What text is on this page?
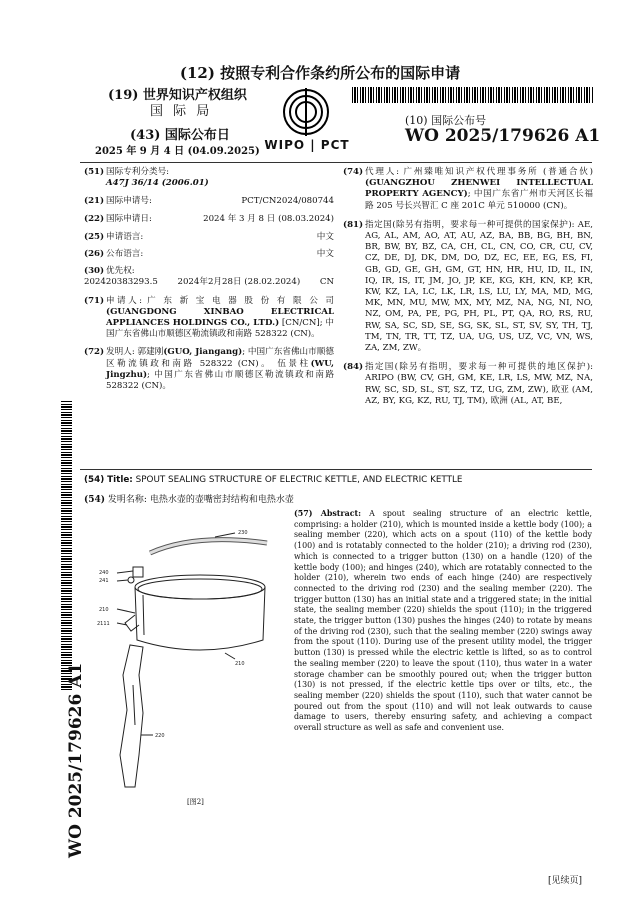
(12) 按照专利合作条约所公布的国际申请
(19) 世界知识产权组织
国 际 局
(43) 国际公布日
2025 年 9 月 4 日 (04.09.2025) WIPO | PCT
(10) 国际公布号
WO 2025/179626 A1
(51) 国际专利分类号:
A47J 36/14 (2006.01)
(21) 国际申请号:	PCT/CN2024/080744
(22) 国际申请日:	2024 年 3 月 8 日 (08.03.2024)
(25) 申请语言:	中文
(26) 公布语言:	中文
(30) 优先权:
202420383293.5 2024年2月28日 (28.02.2024) CN
(71) 申请人: 广 东 新 宝 电 器 股 份 有 限 公 司 (GUANGDONG XINBAO ELECTRICAL APPLIANCES HOLDINGS CO., LTD.) [CN/CN]; 中国广东省佛山市顺德区勒流镇政和南路 528322 (CN)。
(72) 发明人: 郭建刚(GUO, Jiangang); 中国广东省佛山市顺德区勒流镇政和南路 528322 (CN)。 伍景柱(WU, Jingzhu); 中国广东省佛山市顺德区勒流镇政和南路 528322 (CN)。
(74) 代理人: 广州臻唯知识产权代理事务所 (普通合伙) (GUANGZHOU ZHENWEI INTELLECTUAL PROPERTY AGENCY); 中国广东省广州市天河区长福路 205 号长兴智汇 C 座 201C 单元 510000 (CN)。
(81) 指定国(除另有指明，要求每一种可提供的国家保护): AE, AG, AL, AM, AO, AT, AU, AZ, BA, BB, BG, BH, BN, BR, BW, BY, BZ, CA, CH, CL, CN, CO, CR, CU, CV, CZ, DE, DJ, DK, DM, DO, DZ, EC, EE, EG, ES, FI, GB, GD, GE, GH, GM, GT, HN, HR, HU, ID, IL, IN, IQ, IR, IS, IT, JM, JO, JP, KE, KG, KH, KN, KP, KR, KW, KZ, LA, LC, LK, LR, LS, LU, LY, MA, MD, MG, MK, MN, MU, MW, MX, MY, MZ, NA, NG, NI, NO, NZ, OM, PA, PE, PG, PH, PL, PT, QA, RO, RS, RU, RW, SA, SC, SD, SE, SG, SK, SL, ST, SV, SY, TH, TJ, TM, TN, TR, TT, TZ, UA, UG, US, UZ, VC, VN, WS, ZA, ZM, ZW。
(84) 指定国(除另有指明，要求每一种可提供的地区保护): ARIPO (BW, CV, GH, GM, KE, LR, LS, MW, MZ, NA, RW, SC, SD, SL, ST, SZ, TZ, UG, ZM, ZW), 欧亚 (AM, AZ, BY, KG, KZ, RU, TJ, TM), 欧洲 (AL, AT, BE,
(54) Title: SPOUT SEALING STRUCTURE OF ELECTRIC KETTLE, AND ELECTRIC KETTLE
(54) 发明名称: 电热水壶的壶嘴密封结构和电热水壶
(57) Abstract: A spout sealing structure of an electric kettle, comprising: a holder (210), which is mounted inside a kettle body (100); a sealing member (220), which acts on a spout (110) of the kettle body (100) and is rotatably connected to the holder (210); a driving rod (230), which is connected to a trigger button (130) on a handle (120) of the kettle body (100); and hinges (240), which are rotatably connected to the holder (210), wherein two ends of each hinge (240) are respectively connected to the driving rod (230) and the sealing member (220). The trigger button (130) has an initial state and a triggered state; in the initial state, the sealing member (220) shields the spout (110); in the triggered state, the trigger button (130) pushes the hinges (240) to rotate by means of the driving rod (230), such that the sealing member (220) swings away from the spout (110). During use of the present utility model, the trigger button (130) is pressed while the electric kettle is lifted, so as to control the sealing member (220) to leave the spout (110), thus water in a water storage chamber can be smoothly poured out; when the trigger button (130) is not pressed, if the electric kettle tips over or tilts, etc., the sealing member (220) shields the spout (110), such that water cannot be poured out from the spout (110) and will not leak outwards to cause damage to users, thereby ensuring safety, and achieving a compact overall structure as well as safe and convenient use.
230
240
241
210
2111
210
220
[图2]
WO 2025/179626 A1
[见续页]
